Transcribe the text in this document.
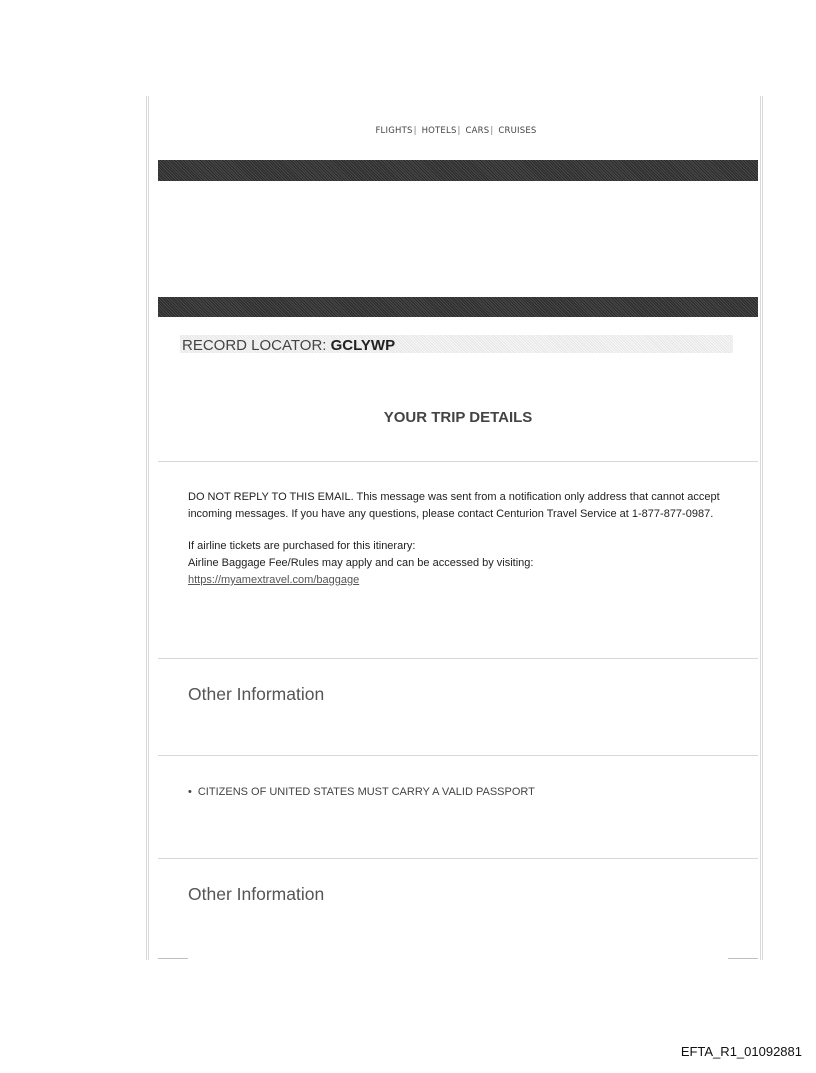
FLIGHTS| HOTELS| CARS| CRUISES
RECORD LOCATOR: GCLYWP
YOUR TRIP DETAILS

DO NOT REPLY TO THIS EMAIL. This message was sent from a notification only address that cannot accept incoming messages. If you have any questions, please contact Centurion Travel Service at 1-877-877-0987.

If airline tickets are purchased for this itinerary:

Airline Baggage Fee/Rules may apply and can be accessed by visiting:

https://myamextravel.com/baggage

Other Information
• CITIZENS OF UNITED STATES MUST CARRY A VALID PASSPORT
Other Information
EFTA_R1_01092881
